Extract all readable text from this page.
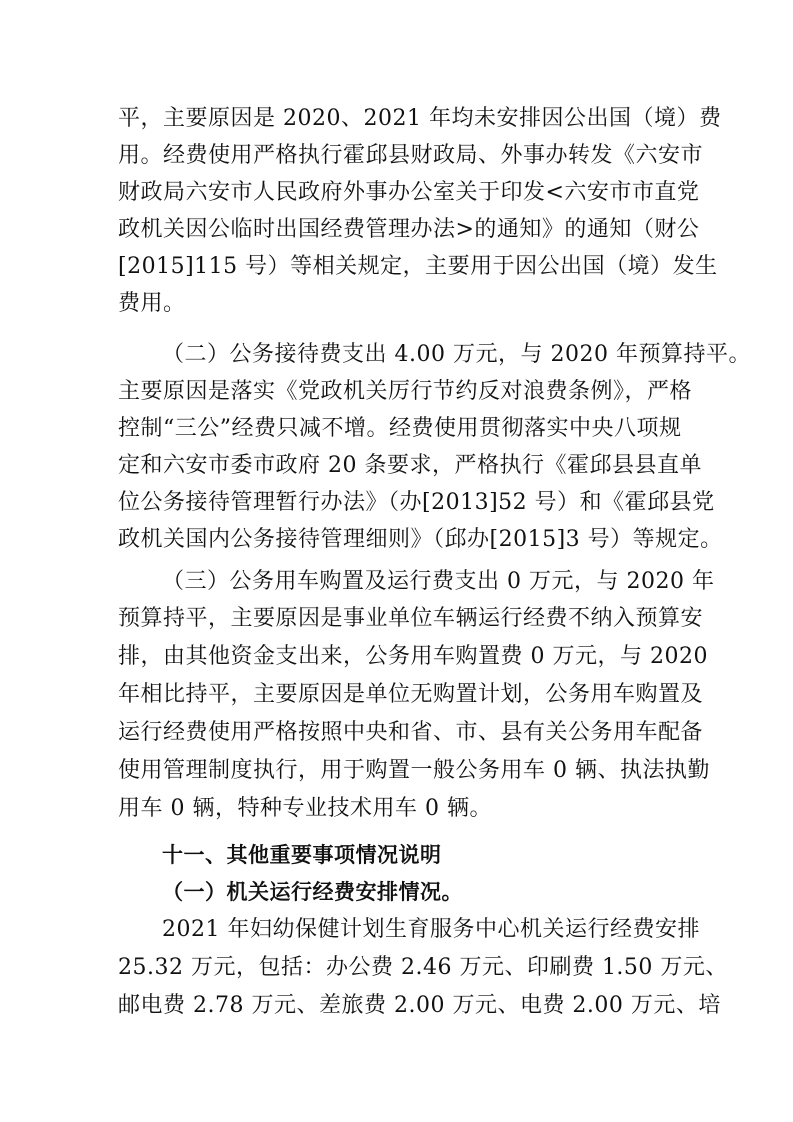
平，主要原因是 2020、2021 年均未安排因公出国（境）费
用。经费使用严格执行霍邱县财政局、外事办转发《六安市
财政局六安市人民政府外事办公室关于印发<六安市市直党
政机关因公临时出国经费管理办法>的通知》的通知（财公
[2015]115 号）等相关规定，主要用于因公出国（境）发生
费用。
（二）公务接待费支出 4.00 万元，与 2020 年预算持平。
主要原因是落实《党政机关厉行节约反对浪费条例》，严格
控制“三公”经费只减不增。经费使用贯彻落实中央八项规
定和六安市委市政府 20 条要求，严格执行《霍邱县县直单
位公务接待管理暂行办法》（办[2013]52 号）和《霍邱县党
政机关国内公务接待管理细则》（邱办[2015]3 号）等规定。
（三）公务用车购置及运行费支出 0 万元，与 2020 年
预算持平，主要原因是事业单位车辆运行经费不纳入预算安
排，由其他资金支出来，公务用车购置费 0 万元，与 2020
年相比持平，主要原因是单位无购置计划，公务用车购置及
运行经费使用严格按照中央和省、市、县有关公务用车配备
使用管理制度执行，用于购置一般公务用车 0 辆、执法执勤
用车 0 辆，特种专业技术用车 0 辆。
十一、其他重要事项情况说明
（一）机关运行经费安排情况。
2021 年妇幼保健计划生育服务中心机关运行经费安排
25.32 万元，包括：办公费 2.46 万元、印刷费 1.50 万元、
邮电费 2.78 万元、差旅费 2.00 万元、电费 2.00 万元、培
